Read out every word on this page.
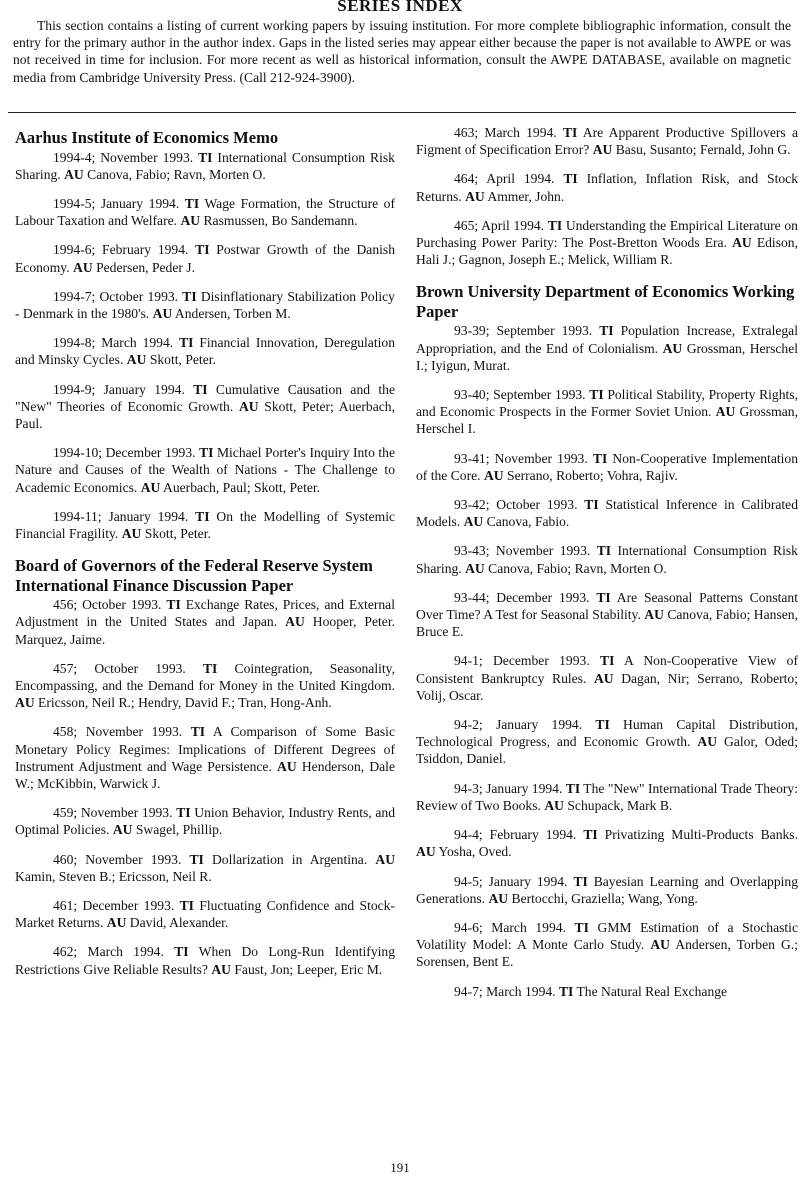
SERIES INDEX
This section contains a listing of current working papers by issuing institution. For more complete bibliographic information, consult the entry for the primary author in the author index. Gaps in the listed series may appear either because the paper is not available to AWPE or was not received in time for inclusion. For more recent as well as historical information, consult the AWPE DATABASE, available on magnetic media from Cambridge University Press. (Call 212-924-3900).
Aarhus Institute of Economics Memo
1994-4; November 1993. TI International Consumption Risk Sharing. AU Canova, Fabio; Ravn, Morten O.
1994-5; January 1994. TI Wage Formation, the Structure of Labour Taxation and Welfare. AU Rasmussen, Bo Sandemann.
1994-6; February 1994. TI Postwar Growth of the Danish Economy. AU Pedersen, Peder J.
1994-7; October 1993. TI Disinflationary Stabilization Policy - Denmark in the 1980's. AU Andersen, Torben M.
1994-8; March 1994. TI Financial Innovation, Deregulation and Minsky Cycles. AU Skott, Peter.
1994-9; January 1994. TI Cumulative Causation and the "New" Theories of Economic Growth. AU Skott, Peter; Auerbach, Paul.
1994-10; December 1993. TI Michael Porter's Inquiry Into the Nature and Causes of the Wealth of Nations - The Challenge to Academic Economics. AU Auerbach, Paul; Skott, Peter.
1994-11; January 1994. TI On the Modelling of Systemic Financial Fragility. AU Skott, Peter.
Board of Governors of the Federal Reserve System International Finance Discussion Paper
456; October 1993. TI Exchange Rates, Prices, and External Adjustment in the United States and Japan. AU Hooper, Peter. Marquez, Jaime.
457; October 1993. TI Cointegration, Seasonality, Encompassing, and the Demand for Money in the United Kingdom. AU Ericsson, Neil R.; Hendry, David F.; Tran, Hong-Anh.
458; November 1993. TI A Comparison of Some Basic Monetary Policy Regimes: Implications of Different Degrees of Instrument Adjustment and Wage Persistence. AU Henderson, Dale W.; McKibbin, Warwick J.
459; November 1993. TI Union Behavior, Industry Rents, and Optimal Policies. AU Swagel, Phillip.
460; November 1993. TI Dollarization in Argentina. AU Kamin, Steven B.; Ericsson, Neil R.
461; December 1993. TI Fluctuating Confidence and Stock-Market Returns. AU David, Alexander.
462; March 1994. TI When Do Long-Run Identifying Restrictions Give Reliable Results? AU Faust, Jon; Leeper, Eric M.
463; March 1994. TI Are Apparent Productive Spillovers a Figment of Specification Error? AU Basu, Susanto; Fernald, John G.
464; April 1994. TI Inflation, Inflation Risk, and Stock Returns. AU Ammer, John.
465; April 1994. TI Understanding the Empirical Literature on Purchasing Power Parity: The Post-Bretton Woods Era. AU Edison, Hali J.; Gagnon, Joseph E.; Melick, William R.
Brown University Department of Economics Working Paper
93-39; September 1993. TI Population Increase, Extralegal Appropriation, and the End of Colonialism. AU Grossman, Herschel I.; Iyigun, Murat.
93-40; September 1993. TI Political Stability, Property Rights, and Economic Prospects in the Former Soviet Union. AU Grossman, Herschel I.
93-41; November 1993. TI Non-Cooperative Implementation of the Core. AU Serrano, Roberto; Vohra, Rajiv.
93-42; October 1993. TI Statistical Inference in Calibrated Models. AU Canova, Fabio.
93-43; November 1993. TI International Consumption Risk Sharing. AU Canova, Fabio; Ravn, Morten O.
93-44; December 1993. TI Are Seasonal Patterns Constant Over Time? A Test for Seasonal Stability. AU Canova, Fabio; Hansen, Bruce E.
94-1; December 1993. TI A Non-Cooperative View of Consistent Bankruptcy Rules. AU Dagan, Nir; Serrano, Roberto; Volij, Oscar.
94-2; January 1994. TI Human Capital Distribution, Technological Progress, and Economic Growth. AU Galor, Oded; Tsiddon, Daniel.
94-3; January 1994. TI The "New" International Trade Theory: Review of Two Books. AU Schupack, Mark B.
94-4; February 1994. TI Privatizing Multi-Products Banks. AU Yosha, Oved.
94-5; January 1994. TI Bayesian Learning and Overlapping Generations. AU Bertocchi, Graziella; Wang, Yong.
94-6; March 1994. TI GMM Estimation of a Stochastic Volatility Model: A Monte Carlo Study. AU Andersen, Torben G.; Sorensen, Bent E.
94-7; March 1994. TI The Natural Real Exchange
191
